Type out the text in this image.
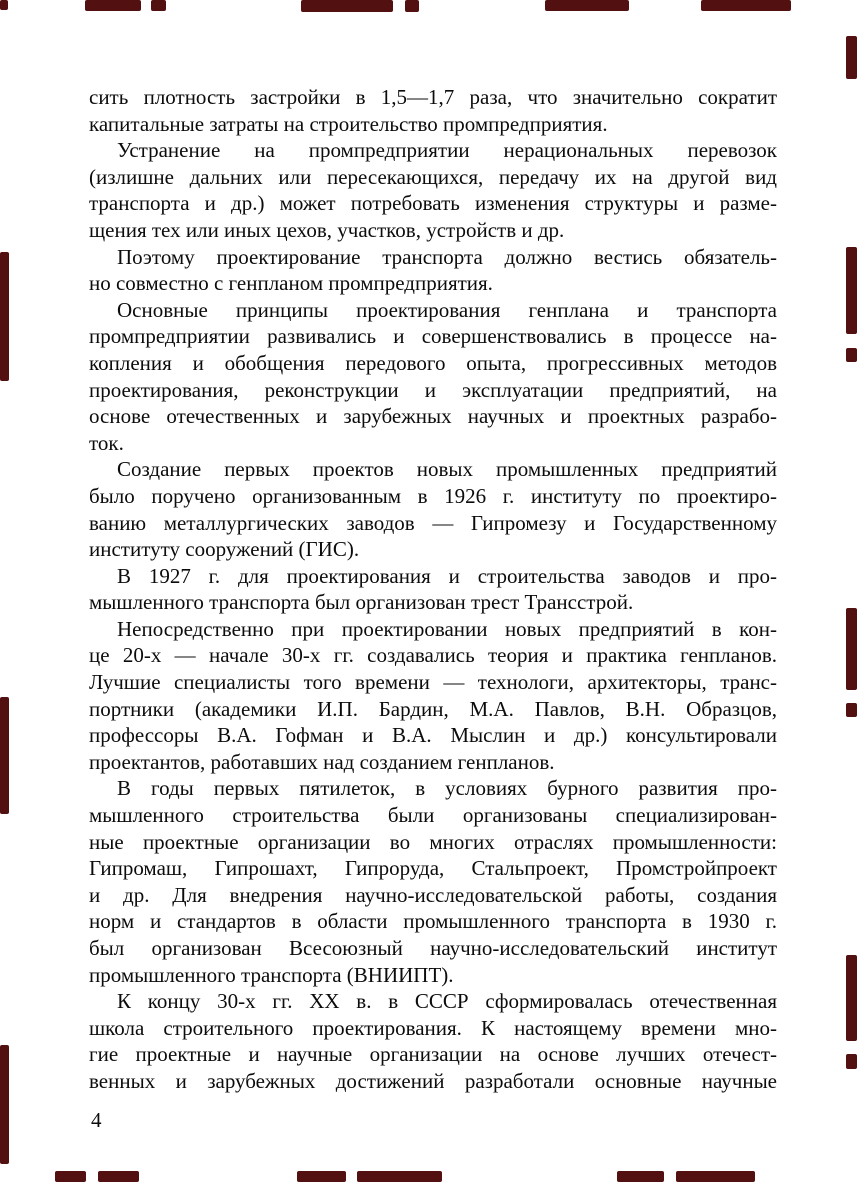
сить плотность застройки в 1,5—1,7 раза, что значительно сократит
капитальные затраты на строительство промпредприятия.
Устранение на промпредприятии нерациональных перевозок
(излишне дальних или пересекающихся, передачу их на другой вид
транспорта и др.) может потребовать изменения структуры и разме-
щения тех или иных цехов, участков, устройств и др.
Поэтому проектирование транспорта должно вестись обязатель-
но совместно с генпланом промпредприятия.
Основные принципы проектирования генплана и транспорта
промпредприятии развивались и совершенствовались в процессе на-
копления и обобщения передового опыта, прогрессивных методов
проектирования, реконструкции и эксплуатации предприятий, на
основе отечественных и зарубежных научных и проектных разрабо-
ток.
Создание первых проектов новых промышленных предприятий
было поручено организованным в 1926 г. институту по проектиро-
ванию металлургических заводов — Гипромезу и Государственному
институту сооружений (ГИС).
В 1927 г. для проектирования и строительства заводов и про-
мышленного транспорта был организован трест Трансстрой.
Непосредственно при проектировании новых предприятий в кон-
це 20-х — начале 30-х гг. создавались теория и практика генпланов.
Лучшие специалисты того времени — технологи, архитекторы, транс-
портники (академики И.П. Бардин, М.А. Павлов, В.Н. Образцов,
профессоры В.А. Гофман и В.А. Мыслин и др.) консультировали
проектантов, работавших над созданием генпланов.
В годы первых пятилеток, в условиях бурного развития про-
мышленного строительства были организованы специализирован-
ные проектные организации во многих отраслях промышленности:
Гипромаш, Гипрошахт, Гипроруда, Стальпроект, Промстройпроект
и др. Для внедрения научно-исследовательской работы, создания
норм и стандартов в области промышленного транспорта в 1930 г.
был организован Всесоюзный научно-исследовательский институт
промышленного транспорта (ВНИИПТ).
К концу 30-х гг. XX в. в СССР сформировалась отечественная
школа строительного проектирования. К настоящему времени мно-
гие проектные и научные организации на основе лучших отечест-
венных и зарубежных достижений разработали основные научные
4
